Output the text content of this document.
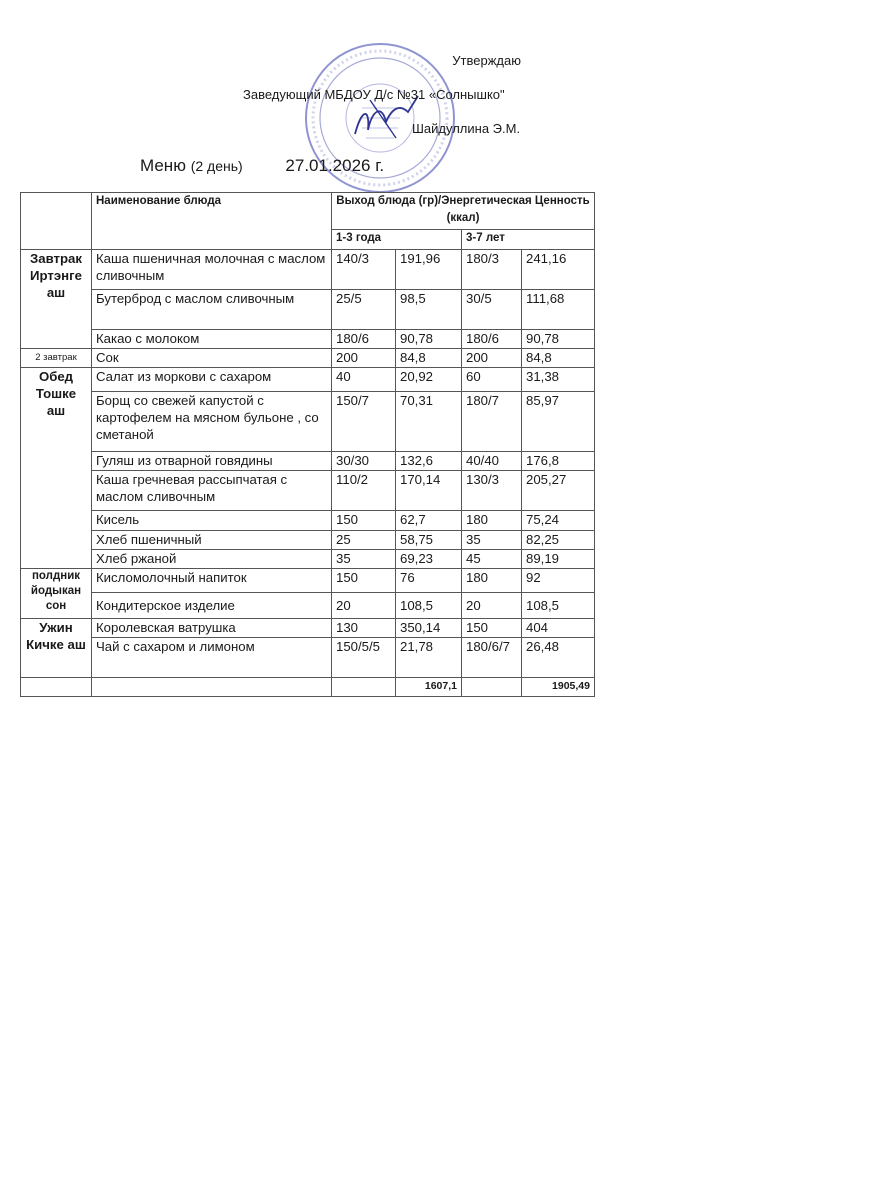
Утверждаю
Заведующий МБДОУ Д/с №31 «Солнышко"
Шайдуллина Э.М.
Меню (2 день)	27.01.2026 г.
	Наименование блюда	Выход блюда (гр)/Энергетическая Ценность (ккал)			
		1-3 года		3-7 лет	
Завтрак Иртэнге аш	Каша пшеничная молочная с маслом сливочным	140/3	191,96	180/3	241,16
	Бутерброд с маслом сливочным	25/5	98,5	30/5	111,68
	Какао с молоком	180/6	90,78	180/6	90,78
2 завтрак	Сок	200	84,8	200	84,8
Обед Тошке аш	Салат из моркови с сахаром	40	20,92	60	31,38
	Борщ со свежей капустой с картофелем на мясном бульоне , со сметаной	150/7	70,31	180/7	85,97
	Гуляш из отварной говядины	30/30	132,6	40/40	176,8
	Каша гречневая рассыпчатая с маслом сливочным	110/2	170,14	130/3	205,27
	Кисель	150	62,7	180	75,24
	Хлеб пшеничный	25	58,75	35	82,25
	Хлеб ржаной	35	69,23	45	89,19
полдник йодыкан сон	Кисломолочный напиток	150	76	180	92
	Кондитерское изделие	20	108,5	20	108,5
Ужин Кичке аш	Королевская ватрушка	130	350,14	150	404
	Чай с сахаром и лимоном	150/5/5	21,78	180/6/7	26,48
			1607,1		1905,49
